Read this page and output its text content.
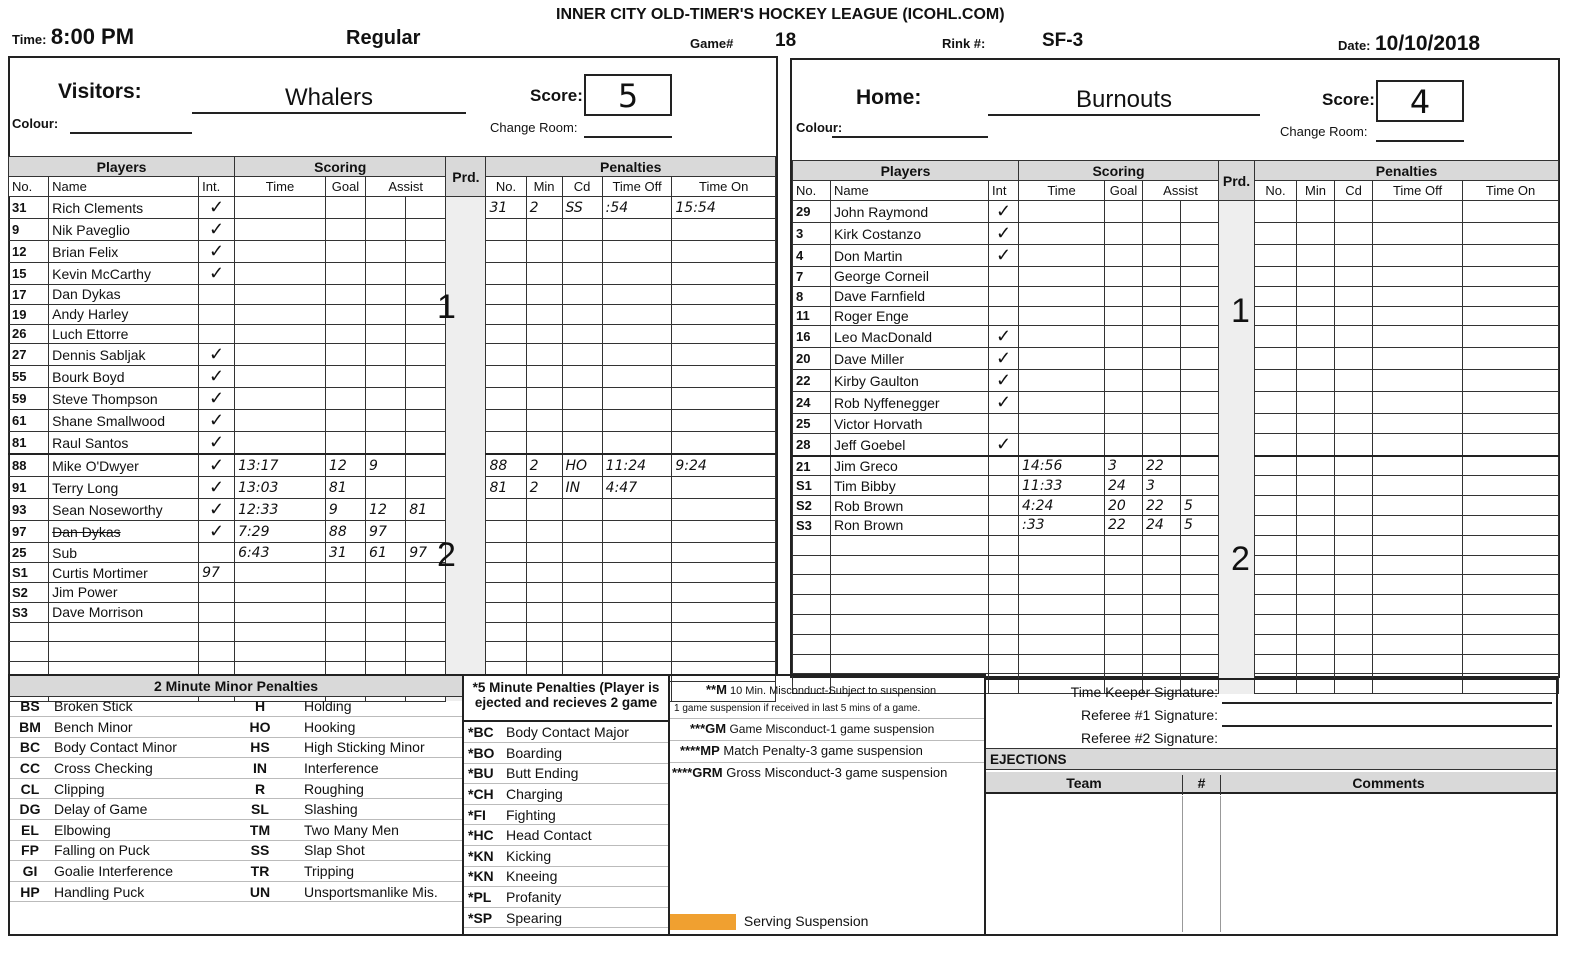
INNER CITY OLD-TIMER'S HOCKEY LEAGUE (ICOHL.COM)
Time: 8:00 PM	Regular	Game# 18	Rink #:	SF-3	Date: 10/10/2018
Visitors:	Whalers
Colour:
Score:	5
Change Room:
Players			Scoring				Prd.	Penalties				
No.	Name	Int.	Time	Goal	Assist			No.	Min	Cd	Time Off	Time On
31	Rich Clements	✓						31	2	SS	:54	15:54
9	Nik Paveglio	✓										
12	Brian Felix	✓										
15	Kevin McCarthy	✓										
17	Dan Dykas											
19	Andy Harley											
26	Luch Ettorre											
27	Dennis Sabljak	✓										
55	Bourk Boyd	✓										
59	Steve Thompson	✓										
61	Shane Smallwood	✓										
81	Raul Santos	✓										
88	Mike O'Dwyer	✓	13:17	12	9			88	2	HO	11:24	9:24
91	Terry Long	✓	13:03	81				81	2	IN	4:47	
93	Sean Noseworthy	✓	12:33	9	12	81						
97	Dan Dykas	✓	7:29	88	97							
25	Sub		6:43	31	61	97						
S1	Curtis Mortimer	97										
S2	Jim Power											
S3	Dave Morrison											

1
2
Home:	Burnouts
Colour:
Score:	4
Change Room:
Players			Scoring				Prd.	Penalties				
No.	Name	Int	Time	Goal	Assist			No.	Min	Cd	Time Off	Time On
29	John Raymond	✓										
3	Kirk Costanzo	✓										
4	Don Martin	✓										
7	George Corneil											
8	Dave Farnfield											
11	Roger Enge											
16	Leo MacDonald	✓										
20	Dave Miller	✓										
22	Kirby Gaulton	✓										
24	Rob Nyffenegger	✓										
25	Victor Horvath											
28	Jeff Goebel	✓										
21	Jim Greco		14:56	3	22							
S1	Tim Bibby		11:33	24	3							
S2	Rob Brown		4:24	20	22	5						
S3	Ron Brown		:33	22	24	5						

1
2
2 Minute Minor Penalties			
BS	Broken Stick	H	Holding
BM	Bench Minor	HO	Hooking
BC	Body Contact Minor	HS	High Sticking Minor
CC	Cross Checking	IN	Interference
CL	Clipping	R	Roughing
DG	Delay of Game	SL	Slashing
EL	Elbowing	TM	Two Many Men
FP	Falling on Puck	SS	Slap Shot
GI	Goalie Interference	TR	Tripping
HP	Handling Puck	UN	Unsportsmanlike Mis.
*5 Minute Penalties (Player is
ejected and recieves 2 game
*BC	Body Contact Major
*BO	Boarding
*BU	Butt Ending
*CH	Charging
*FI	Fighting
*HC	Head Contact
*KN	Kicking
*KN	Kneeing
*PL	Profanity
*SP	Spearing
**M 10 Min. Misconduct-Subject to suspension
1 game suspension if received in last 5 mins of a game.
***GM Game Misconduct-1 game suspension
****MP Match Penalty-3 game suspension
****GRM Gross Misconduct-3 game suspension
Serving Suspension
Time Keeper Signature:
Referee #1 Signature:
Referee #2 Signature:
EJECTIONS
Team	#	Comments
